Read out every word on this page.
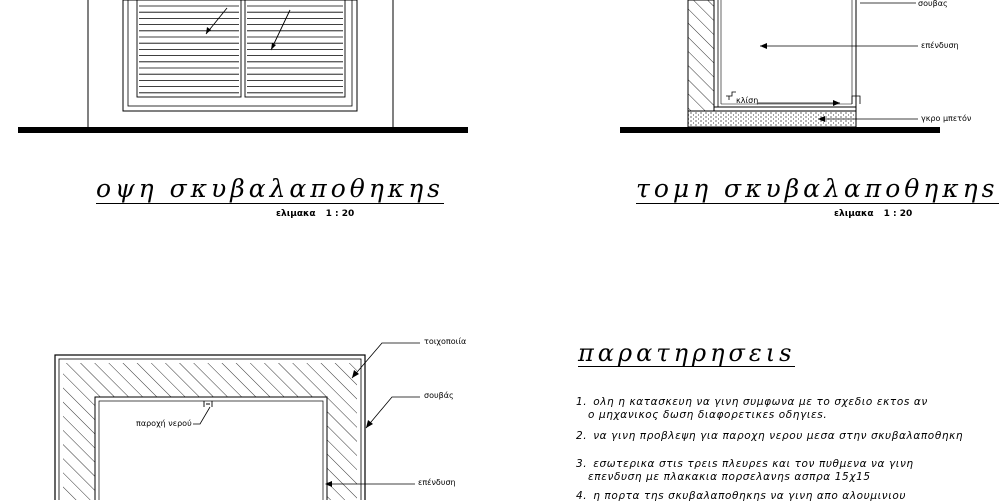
οψη σκυβαλαποθηκηs
ελιμακα 1 : 20
τομη σκυβαλαποθηκηs
ελιμακα 1 : 20
σουβας
επένδυση
κλίση
γκρο μπετόν
τοιχοποιία
σουβάς
παροχή νερού
επένδυση
παρατηρησειs
1. ολη η κατασκευη να γινη συμφωνα με το σχεδιο εκτοs αν
ο μηχανικος δωση διαφορετικεs οδηγιεs.
2. να γινη προβλεψη για παροχη νερου μεσα στην σκυβαλαποθηκη
3. εσωτερικα στιs τρειs πλευρεs και τον πυθμενα να γινη
επενδυση με πλακακια πορσελανηs ασπρα 15χ15
4. η πορτα τηs σκυβαλαποθηκηs να γινη απο αλουμινιου
